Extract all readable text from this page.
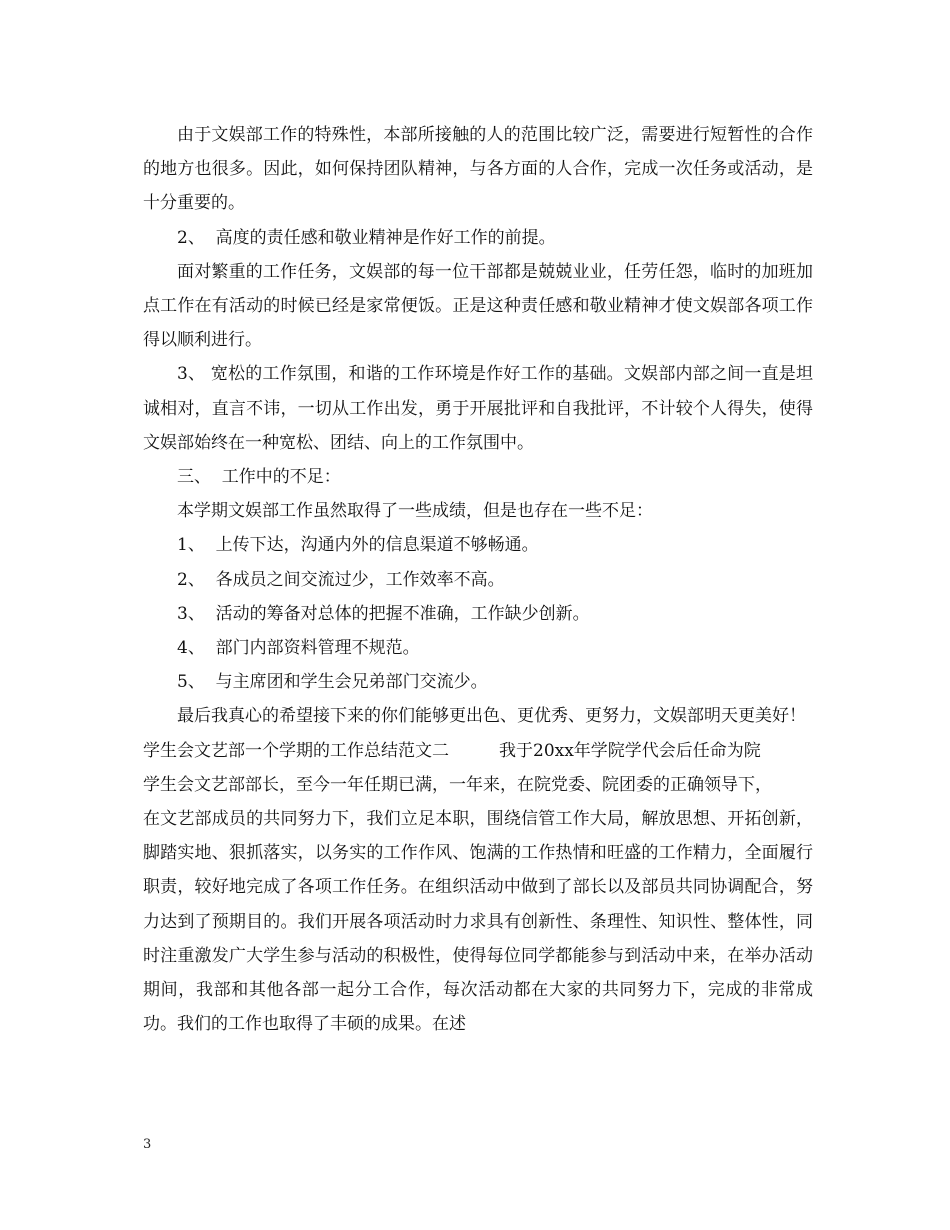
由于文娱部工作的特殊性，本部所接触的人的范围比较广泛，需要进行短暂性的合作的地方也很多。因此，如何保持团队精神，与各方面的人合作，完成一次任务或活动，是十分重要的。

2、  高度的责任感和敬业精神是作好工作的前提。

面对繁重的工作任务，文娱部的每一位干部都是兢兢业业，任劳任怨，临时的加班加点工作在有活动的时候已经是家常便饭。正是这种责任感和敬业精神才使文娱部各项工作得以顺利进行。

3、 宽松的工作氛围，和谐的工作环境是作好工作的基础。文娱部内部之间一直是坦诚相对，直言不讳，一切从工作出发，勇于开展批评和自我批评，不计较个人得失，使得文娱部始终在一种宽松、团结、向上的工作氛围中。

三、  工作中的不足：

本学期文娱部工作虽然取得了一些成绩，但是也存在一些不足：

1、  上传下达，沟通内外的信息渠道不够畅通。

2、  各成员之间交流过少，工作效率不高。

3、  活动的筹备对总体的把握不准确，工作缺少创新。

4、  部门内部资料管理不规范。

5、  与主席团和学生会兄弟部门交流少。

最后我真心的希望接下来的你们能够更出色、更优秀、更努力，文娱部明天更美好！

学生会文艺部一个学期的工作总结范文二	我于20xx年学院学代会后任命为院

学生会文艺部部长，至今一年任期已满，一年来，在院党委、院团委的正确领导下，

在文艺部成员的共同努力下，我们立足本职，围绕信管工作大局，解放思想、开拓创新，脚踏实地、狠抓落实，以务实的工作作风、饱满的工作热情和旺盛的工作精力，全面履行职责，较好地完成了各项工作任务。在组织活动中做到了部长以及部员共同协调配合，努力达到了预期目的。我们开展各项活动时力求具有创新性、条理性、知识性、整体性，同时注重激发广大学生参与活动的积极性，使得每位同学都能参与到活动中来，在举办活动期间，我部和其他各部一起分工合作，每次活动都在大家的共同努力下，完成的非常成功。我们的工作也取得了丰硕的成果。在述

3
